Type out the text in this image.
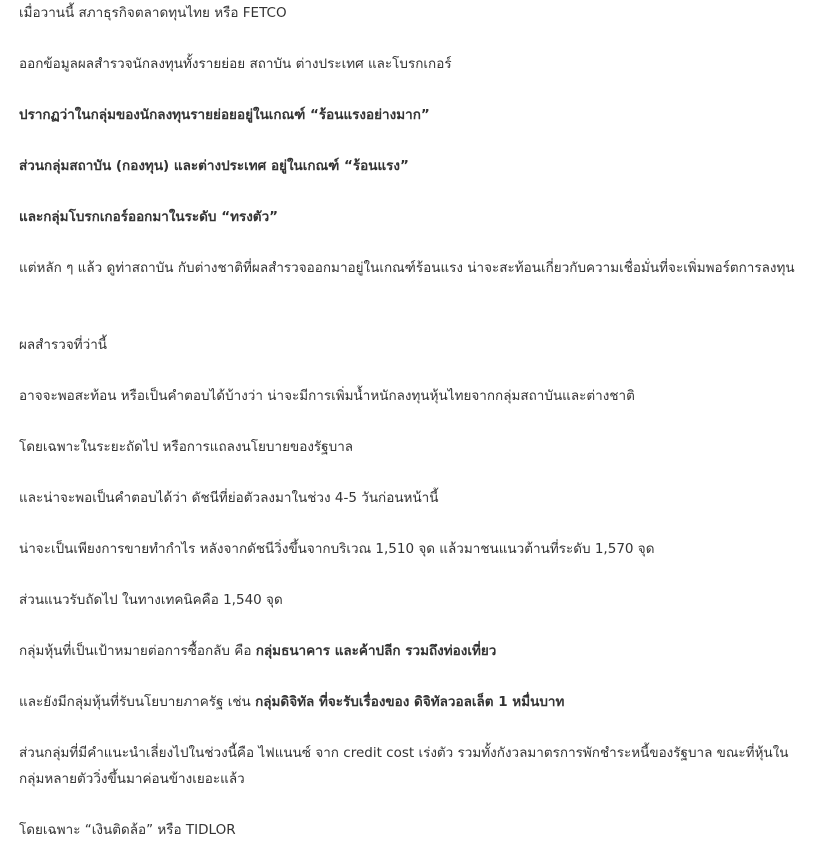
เมื่อวานนี้ สภาธุรกิจตลาดทุนไทย หรือ FETCO

ออกข้อมูลผลสำรวจนักลงทุนทั้งรายย่อย สถาบัน ต่างประเทศ และโบรกเกอร์

ปรากฏว่าในกลุ่มของนักลงทุนรายย่อยอยู่ในเกณฑ์ “ร้อนแรงอย่างมาก”

ส่วนกลุ่มสถาบัน (กองทุน) และต่างประเทศ อยู่ในเกณฑ์ “ร้อนแรง”

และกลุ่มโบรกเกอร์ออกมาในระดับ “ทรงตัว”

แต่หลัก ๆ แล้ว ดูท่าสถาบัน กับต่างชาติที่ผลสำรวจออกมาอยู่ในเกณฑ์ร้อนแรง น่าจะสะท้อนเกี่ยวกับความเชื่อมั่นที่จะเพิ่มพอร์ตการลงทุน

ผลสำรวจที่ว่านี้

อาจจะพอสะท้อน หรือเป็นคำตอบได้บ้างว่า น่าจะมีการเพิ่มน้ำหนักลงทุนหุ้นไทยจากกลุ่มสถาบันและต่างชาติ

โดยเฉพาะในระยะถัดไป หรือการแถลงนโยบายของรัฐบาล

และน่าจะพอเป็นคำตอบได้ว่า ดัชนีที่ย่อตัวลงมาในช่วง 4-5 วันก่อนหน้านี้

น่าจะเป็นเพียงการขายทำกำไร หลังจากดัชนีวิ่งขึ้นจากบริเวณ 1,510 จุด แล้วมาชนแนวต้านที่ระดับ 1,570 จุด

ส่วนแนวรับถัดไป ในทางเทคนิคคือ 1,540 จุด

กลุ่มหุ้นที่เป็นเป้าหมายต่อการซื้อกลับ คือ กลุ่มธนาคาร และค้าปลีก รวมถึงท่องเที่ยว

และยังมีกลุ่มหุ้นที่รับนโยบายภาครัฐ เช่น กลุ่มดิจิทัล ที่จะรับเรื่องของ ดิจิทัลวอลเล็ต 1 หมื่นบาท

ส่วนกลุ่มที่มีคำแนะนำเลี่ยงไปในช่วงนี้คือ ไฟแนนซ์ จาก credit cost เร่งตัว รวมทั้งกังวลมาตรการพักชำระหนี้ของรัฐบาล ขณะที่หุ้นในกลุ่มหลายตัววิ่งขึ้นมาค่อนข้างเยอะแล้ว

โดยเฉพาะ “เงินติดล้อ” หรือ TIDLOR
